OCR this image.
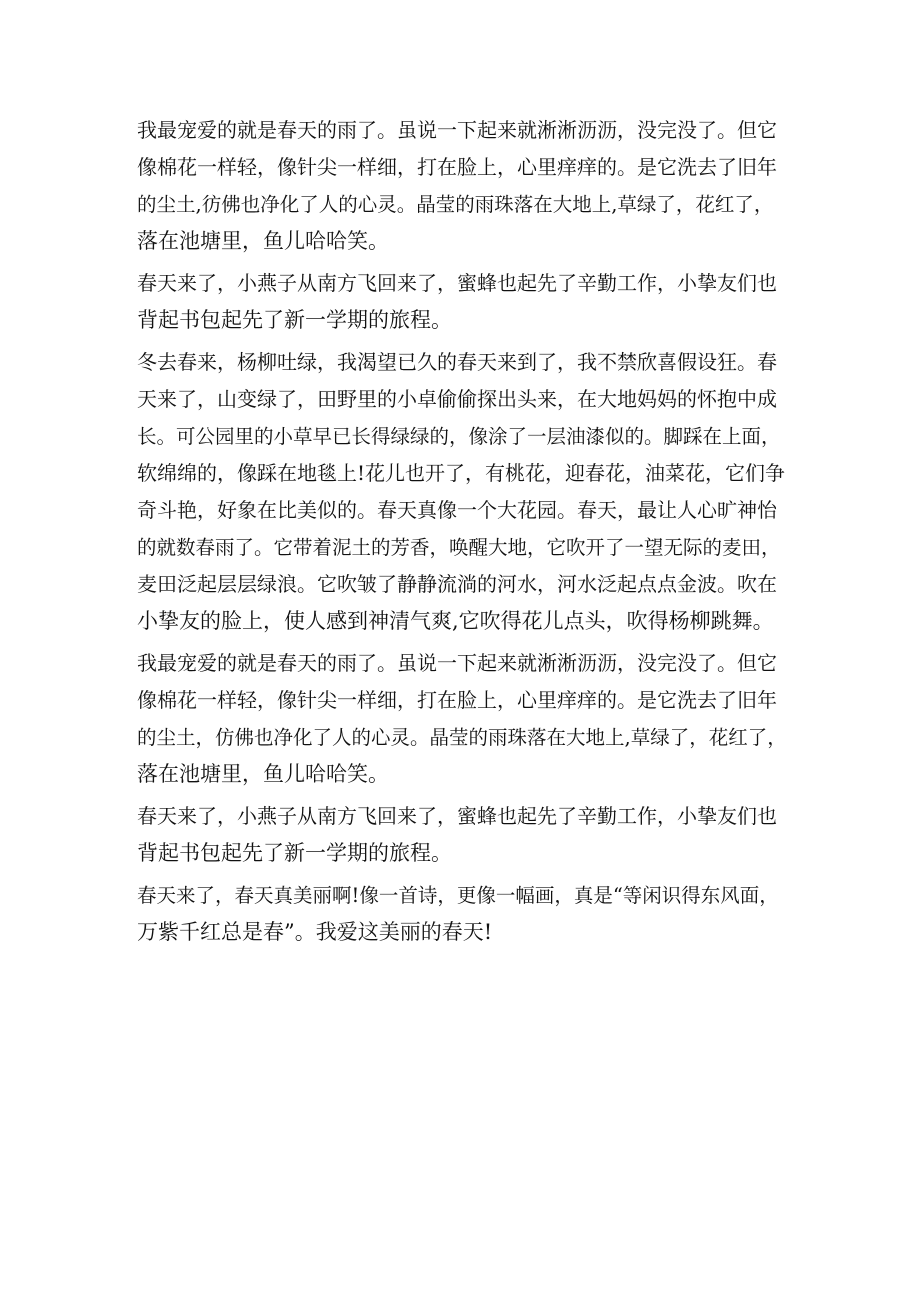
我最宠爱的就是春天的雨了。虽说一下起来就淅淅沥沥，没完没了。但它
像棉花一样轻，像针尖一样细，打在脸上，心里痒痒的。是它洗去了旧年
的尘土,彷佛也净化了人的心灵。晶莹的雨珠落在大地上,草绿了，花红了，
落在池塘里，鱼儿哈哈笑。
春天来了，小燕子从南方飞回来了，蜜蜂也起先了辛勤工作，小挚友们也
背起书包起先了新一学期的旅程。
冬去春来，杨柳吐绿，我渴望已久的春天来到了，我不禁欣喜假设狂。春
天来了，山变绿了，田野里的小卓偷偷探出头来，在大地妈妈的怀抱中成
长。可公园里的小草早已长得绿绿的，像涂了一层油漆似的。脚踩在上面，
软绵绵的，像踩在地毯上!花儿也开了，有桃花，迎春花，油菜花，它们争
奇斗艳，好象在比美似的。春天真像一个大花园。春天，最让人心旷神怡
的就数春雨了。它带着泥土的芳香，唤醒大地，它吹开了一望无际的麦田，
麦田泛起层层绿浪。它吹皱了静静流淌的河水，河水泛起点点金波。吹在
小挚友的脸上，使人感到神清气爽,它吹得花儿点头，吹得杨柳跳舞。
我最宠爱的就是春天的雨了。虽说一下起来就淅淅沥沥，没完没了。但它
像棉花一样轻，像针尖一样细，打在脸上，心里痒痒的。是它洗去了旧年
的尘土，仿佛也净化了人的心灵。晶莹的雨珠落在大地上,草绿了，花红了，
落在池塘里，鱼儿哈哈笑。
春天来了，小燕子从南方飞回来了，蜜蜂也起先了辛勤工作，小挚友们也
背起书包起先了新一学期的旅程。
春天来了，春天真美丽啊!像一首诗，更像一幅画，真是“等闲识得东风面，
万紫千红总是春”。我爱这美丽的春天!
